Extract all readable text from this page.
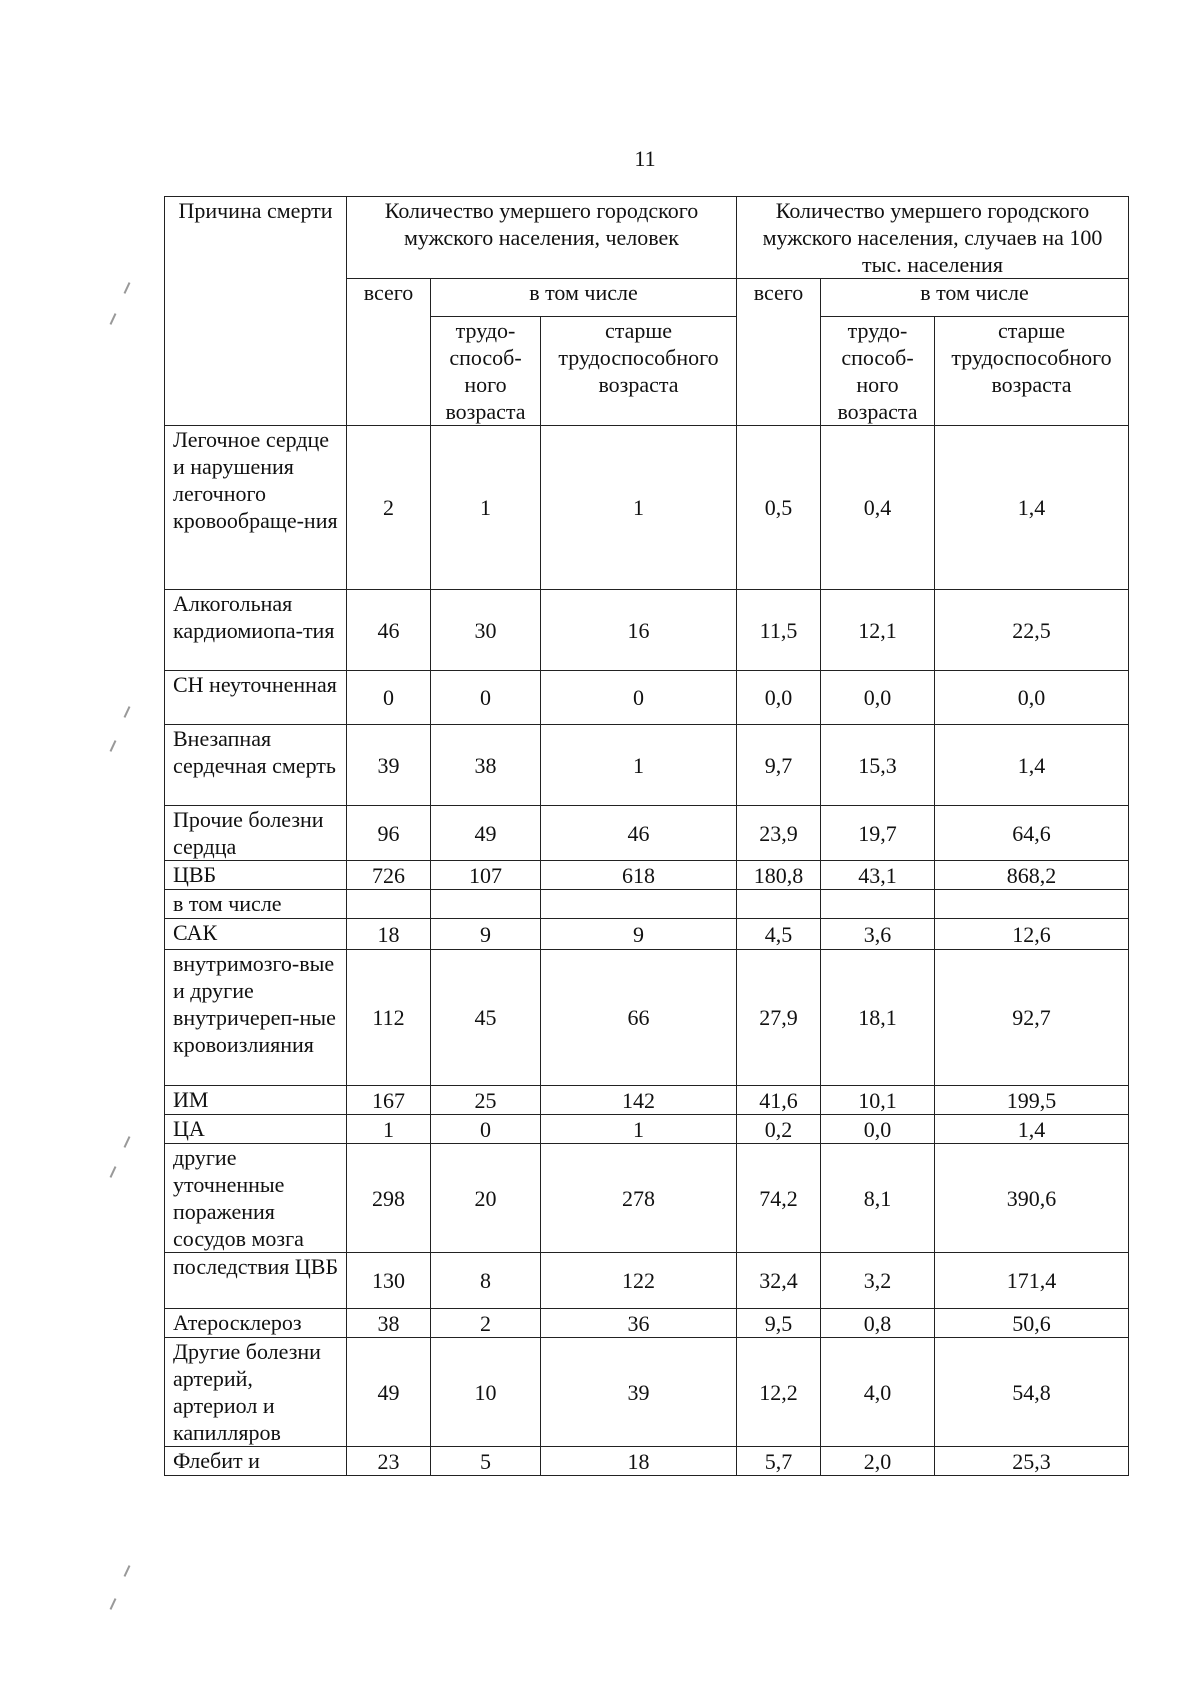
11
Причина смерти	Количество умершего городского мужского населения, человек			Количество умершего городского мужского населения, случаев на 100 тыс. населения		
	всего	в том числе		всего	в том числе	
		трудо-способ-ного возраста	старше трудоспособного возраста		трудо-способ-ного возраста	старше трудоспособного возраста
Легочное сердце и нарушения легочного кровообраще-ния	2	1	1	0,5	0,4	1,4
Алкогольная кардиомиопа-тия	46	30	16	11,5	12,1	22,5
СН неуточненная	0	0	0	0,0	0,0	0,0
Внезапная сердечная смерть	39	38	1	9,7	15,3	1,4
Прочие болезни сердца	96	49	46	23,9	19,7	64,6
ЦВБ	726	107	618	180,8	43,1	868,2
в том числе						
САК	18	9	9	4,5	3,6	12,6
внутримозго-вые и другие внутричереп-ные кровоизлияния	112	45	66	27,9	18,1	92,7
ИМ	167	25	142	41,6	10,1	199,5
ЦА	1	0	1	0,2	0,0	1,4
другие уточненные поражения сосудов мозга	298	20	278	74,2	8,1	390,6
последствия ЦВБ	130	8	122	32,4	3,2	171,4
Атеросклероз	38	2	36	9,5	0,8	50,6
Другие болезни артерий, артериол и капилляров	49	10	39	12,2	4,0	54,8
Флебит и	23	5	18	5,7	2,0	25,3
